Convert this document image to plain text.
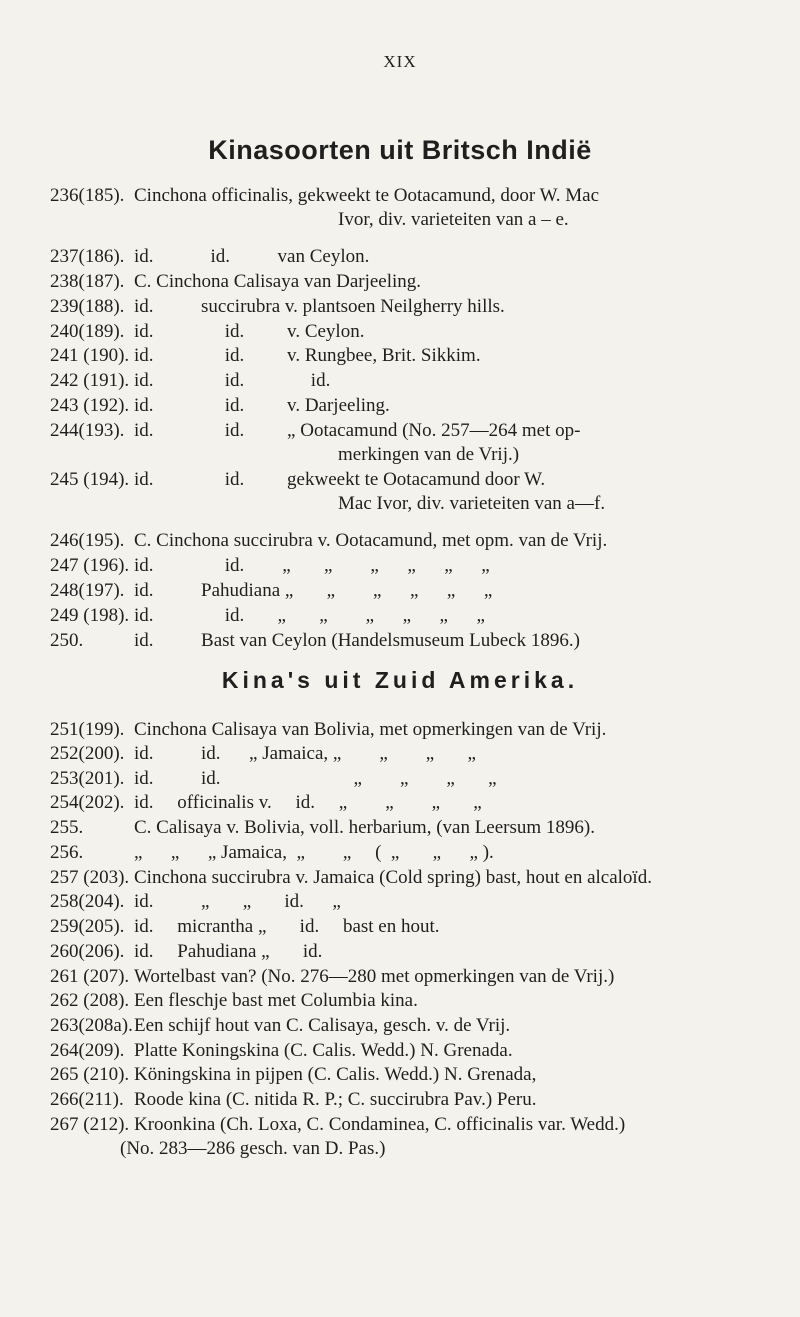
XIX
Kinasoorten uit Britsch Indië
236(185). Cinchona officinalis, gekweekt te Ootacamund, door W. Mac
Ivor, div. varieteiten van a – e.
237(186). id.            id.          van Ceylon.
238(187). C. Cinchona Calisaya van Darjeeling.
239(188). id.          succirubra v. plantsoen Neilgherry hills.
240(189). id.               id.         v. Ceylon.
241 (190). id.               id.         v. Rungbee, Brit. Sikkim.
242 (191). id.               id.              id.
243 (192). id.               id.         v. Darjeeling.
244(193). id.               id.         „ Ootacamund (No. 257—264 met op-
merkingen van de Vrij.)
245 (194). id.               id.         gekweekt te Ootacamund door W.
Mac Ivor, div. varieteiten van a—f.
246(195). C. Cinchona succirubra v. Ootacamund, met opm. van de Vrij.
247 (196). id.               id.        „       „        „      „      „      „
248(197). id.          Pahudiana „       „        „      „      „      „
249 (198). id.               id.       „       „        „      „      „      „
250.	id.          Bast van Ceylon (Handelsmuseum Lubeck 1896.)
Kina's uit Zuid Amerika.
251(199). Cinchona Calisaya van Bolivia, met opmerkingen van de Vrij.
252(200). id.          id.      „ Jamaica, „        „        „       „
253(201). id.          id.                            „        „        „       „
254(202). id.     officinalis v.     id.     „        „        „       „
255.	C. Calisaya v. Bolivia, voll. herbarium, (van Leersum 1896).
256.	„      „      „ Jamaica,  „        „     (  „       „      „ ).
257 (203). Cinchona succirubra v. Jamaica (Cold spring) bast, hout en alcaloïd.
258(204). id.          „       „       id.      „
259(205). id.     micrantha „       id.     bast en hout.
260(206). id.     Pahudiana „       id.
261 (207). Wortelbast van? (No. 276—280 met opmerkingen van de Vrij.)
262 (208). Een fleschje bast met Columbia kina.
263(208a). Een schijf hout van C. Calisaya, gesch. v. de Vrij.
264(209). Platte Koningskina (C. Calis. Wedd.) N. Grenada.
265 (210). Köningskina in pijpen (C. Calis. Wedd.) N. Grenada,
266(211). Roode kina (C. nitida R. P.; C. succirubra Pav.) Peru.
267 (212). Kroonkina (Ch. Loxa, C. Condaminea, C. officinalis var. Wedd.)
(No. 283—286 gesch. van D. Pas.)
